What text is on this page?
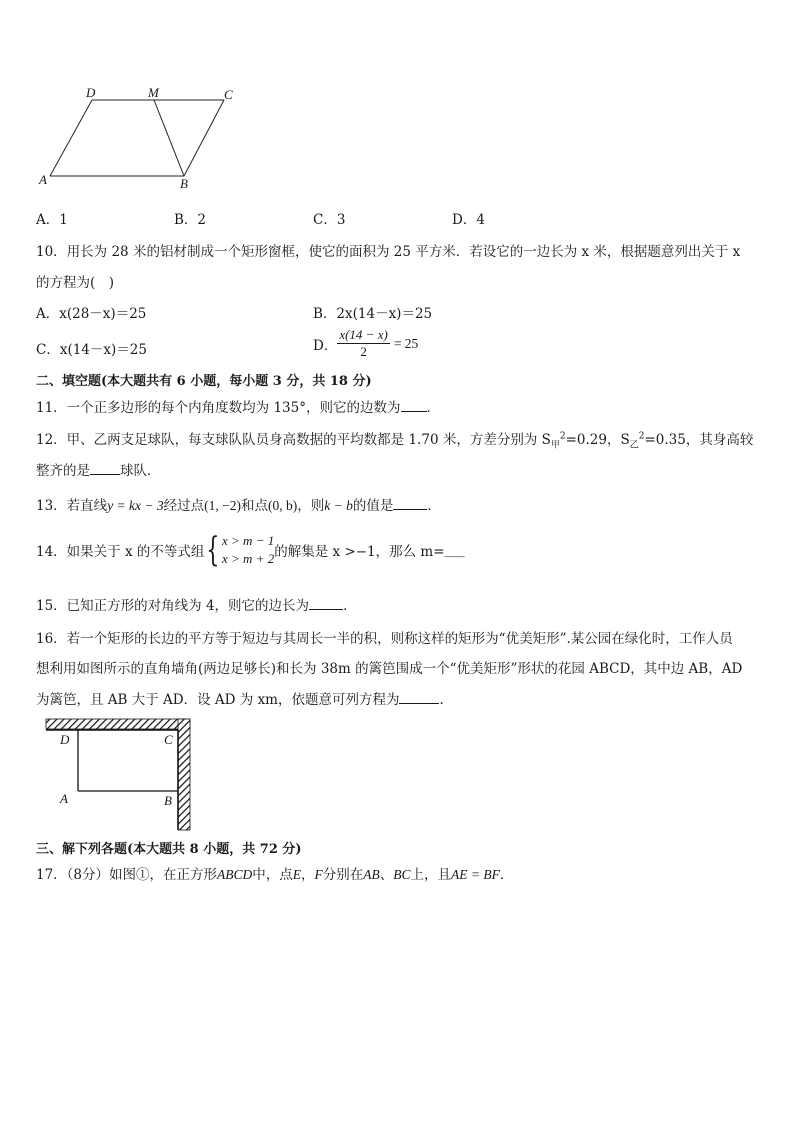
D	M	C
A	B
A．1	B．2	C．3	D．4
10．用长为 28 米的铝材制成一个矩形窗框，使它的面积为 25 平方米．若设它的一边长为 x 米，根据题意列出关于 x
的方程为(　)
A．x(28－x)＝25	B．2x(14－x)＝25
C．x(14－x)＝25	D． $\frac{x(14 - x)}{2} = 25$
二、填空题(本大题共有 6 小题，每小题 3 分，共 18 分)
11．一个正多边形的每个内角度数均为 135°，则它的边数为 ．
12．甲、乙两支足球队，每支球队队员身高数据的平均数都是 1.70 米，方差分别为 $S_甲^2=0.29$，$S_乙^2=0.35$，其身高较
整齐的是 球队．
13．若直线y = kx − 3经过点(1, −2)和点(0, b)，则k − b的值是	．
14．如果关于 x 的不等式组 { x > m − 1
x > m + 2 的解集是 x >−1，那么 m= ___
15．已知正方形的对角线为 4，则它的边长为	．
16．若一个矩形的长边的平方等于短边与其周长一半的积，则称这样的矩形为“优美矩形”.某公园在绿化时，工作人员
想利用如图所示的直角墙角(两边足够长)和长为 38m 的篱笆围成一个“优美矩形”形状的花园 ABCD，其中边 AB，AD
为篱笆，且 AB 大于 AD．设 AD 为 xm，依题意可列方程为	.
D	C
A	B
三、解下列各题(本大题共 8 小题，共 72 分)
17．（8分）如图①，在正方形ABCD中，点E，F分别在AB、BC上，且AE = BF．
